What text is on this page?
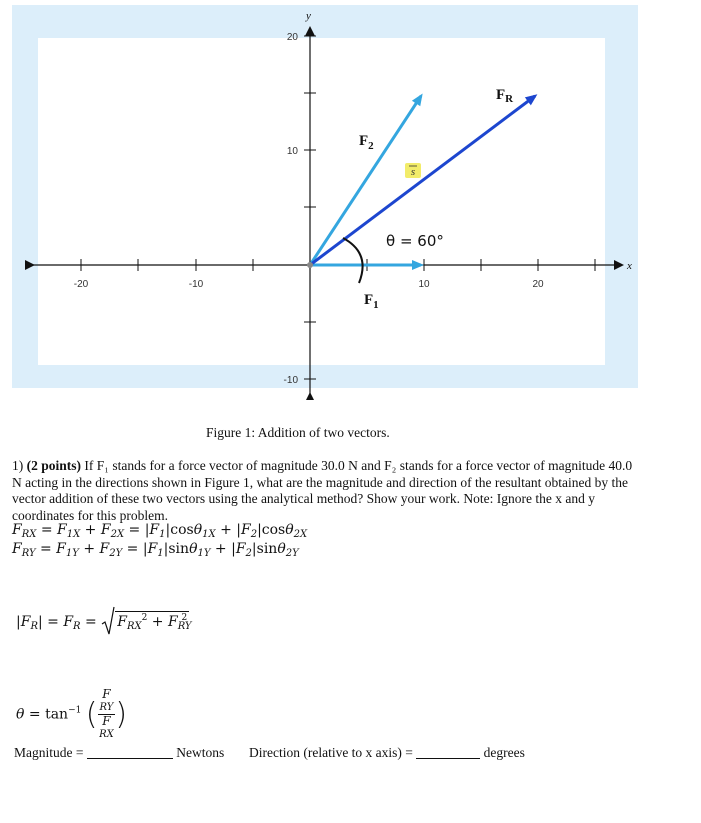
-20	-10	10	20
20
10
-10
x
y
$F_2$
$F_R$
$F_1$
s
θ = 60°
Figure 1: Addition of two vectors.
1) (2 points) If F₁ stands for a force vector of magnitude 30.0 N and F₂ stands for a force vector of magnitude 40.0 N acting in the directions shown in Figure 1, what are the magnitude and direction of the resultant obtained by the vector addition of these two vectors using the analytical method? Show your work. Note: Ignore the x and y coordinates for this problem.
$F_{RX} = F_{1X} + F_{2X} = |F_1|\cos\theta_{1X} + |F_2|\cos\theta_{2X}$
$F_{RY} = F_{1Y} + F_{2Y} = |F_1|\sin\theta_{1Y} + |F_2|\sin\theta_{2Y}$
$|F_R| = F_R = F_{RX}^2 + F_{RY}^2$
$\theta = \tan^{-1}$ ( F
RY
F
RX )
Magnitude =	Newtons Direction (relative to x axis) =	degrees
